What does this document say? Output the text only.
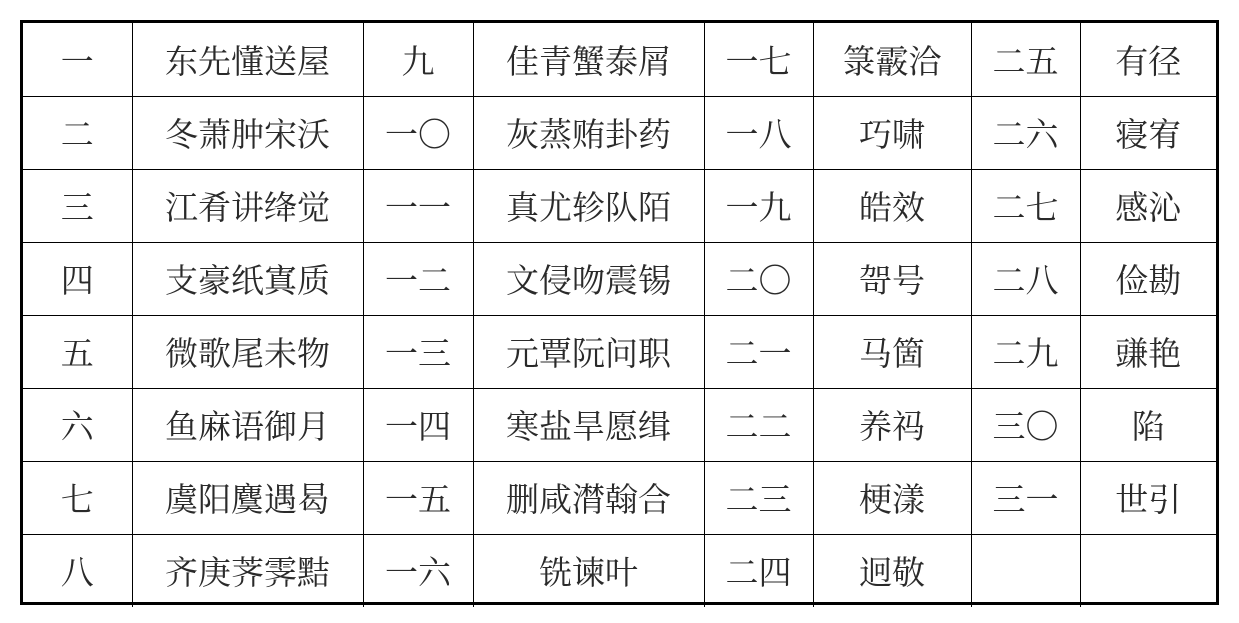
一	东先懂送屋	九	佳青蟹泰屑	一七	箓霰洽	二五	有径
二	冬萧肿宋沃	一〇	灰蒸贿卦药	一八	巧啸	二六	寝宥
三	江肴讲绛觉	一一	真尤轸队陌	一九	皓效	二七	感沁
四	支豪纸寘质	一二	文侵吻震锡	二〇	哿号	二八	俭勘
五	微歌尾未物	一三	元覃阮问职	二一	马箇	二九	豏艳
六	鱼麻语御月	一四	寒盐旱愿缉	二二	养祃	三〇	陷
七	虞阳麌遇曷	一五	删咸潸翰合	二三	梗漾	三一	世引
八	齐庚荠霁黠	一六	铣谏叶	二四	迥敬		
